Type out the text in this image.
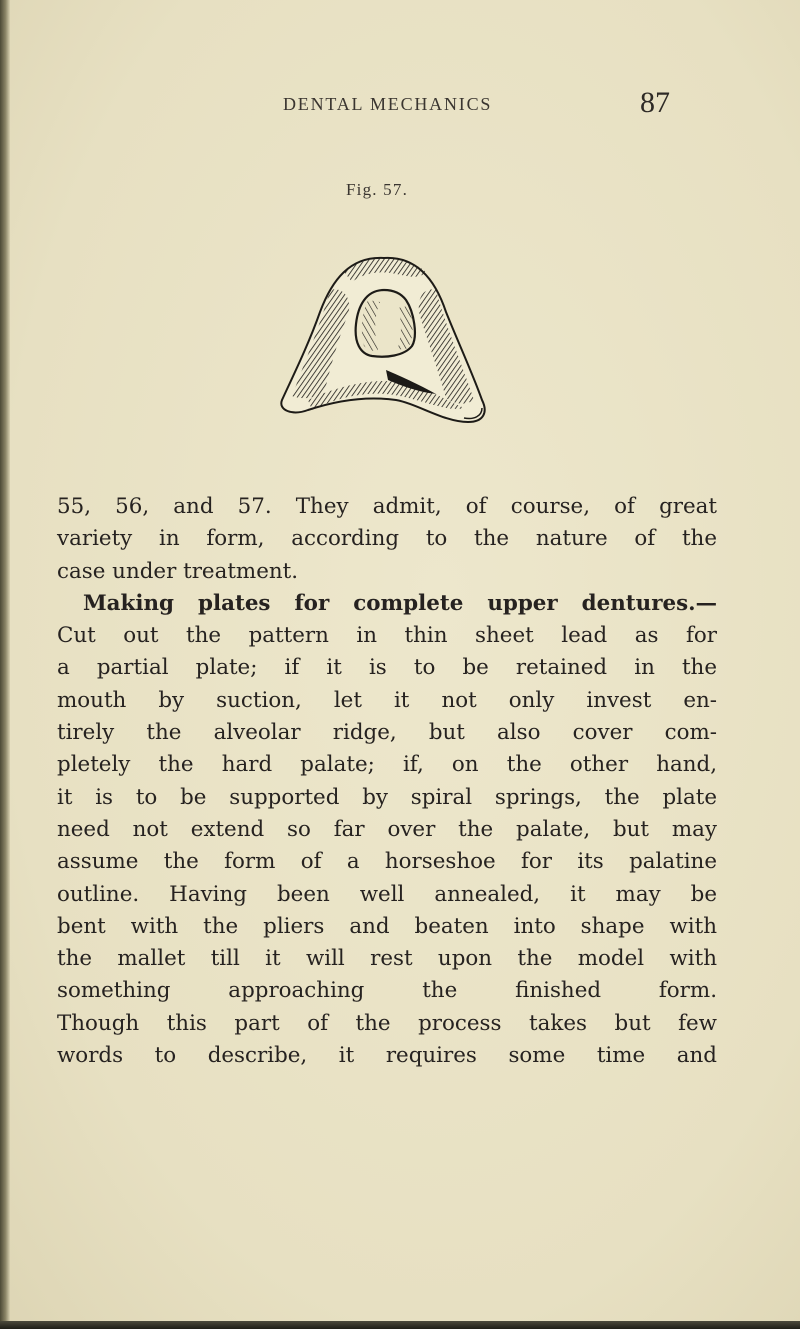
DENTAL MECHANICS	87
Fig. 57.
55, 56, and 57. They admit, of course, of great
variety in form, according to the nature of the
case under treatment.
Making plates for complete upper dentures.—
Cut out the pattern in thin sheet lead as for
a partial plate; if it is to be retained in the
mouth by suction, let it not only invest en-
tirely the alveolar ridge, but also cover com-
pletely the hard palate; if, on the other hand,
it is to be supported by spiral springs, the plate
need not extend so far over the palate, but may
assume the form of a horseshoe for its palatine
outline. Having been well annealed, it may be
bent with the pliers and beaten into shape with
the mallet till it will rest upon the model with
something approaching the finished form.
Though this part of the process takes but few
words to describe, it requires some time and
